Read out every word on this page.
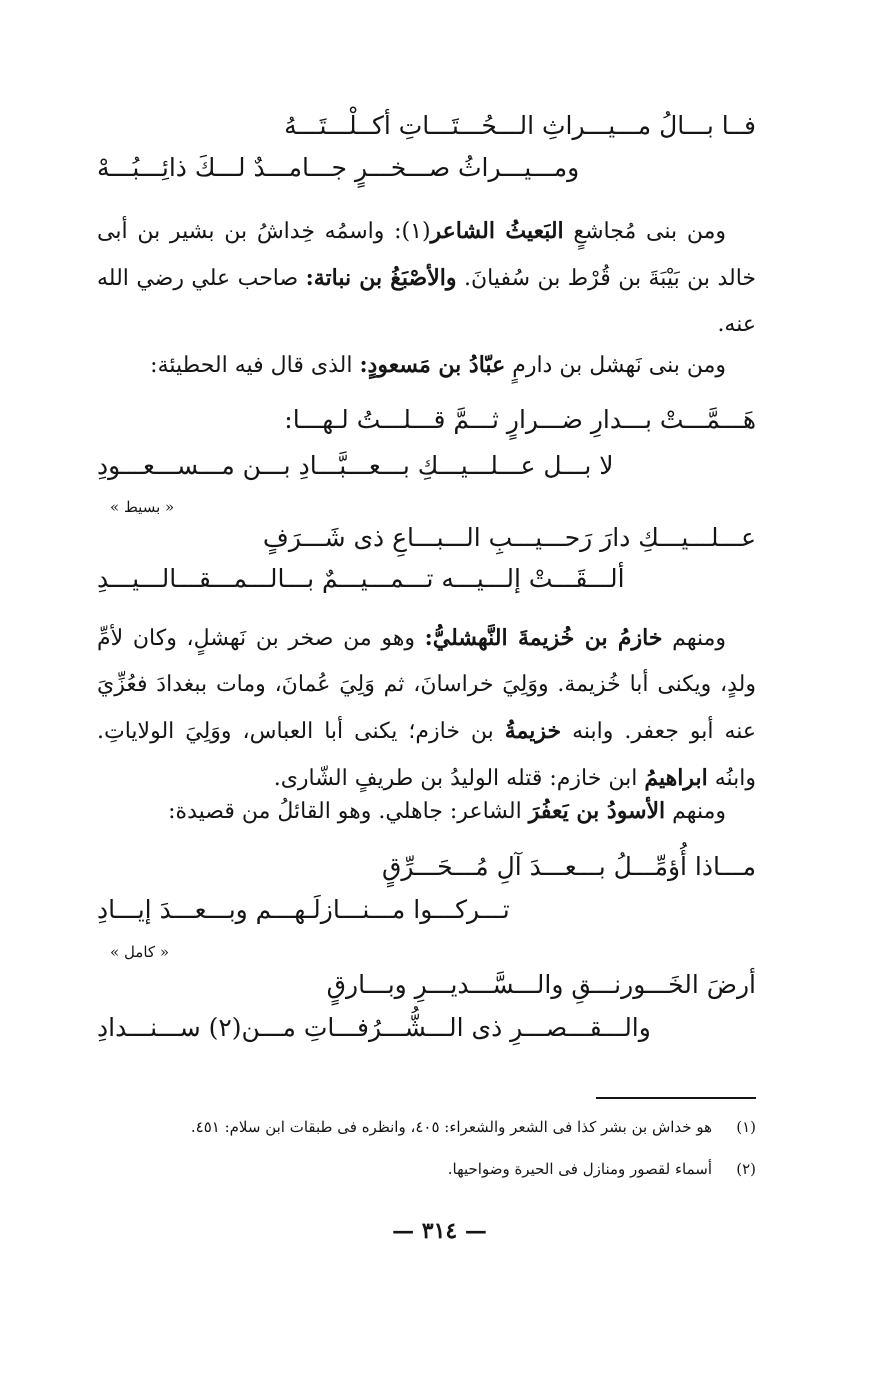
فــا بـــالُ مـــيـــراثِ الـــحُـــتَـــاتِ أكــلْـــتَـــهُ
ومـــيـــراثُ صـــخـــرٍ جـــامـــدٌ لـــكَ ذائِـــبُـــهْ
ومن بنى مُجاشعٍ البَعيثُ الشاعر(١): واسمُه خِداشُ بن بشير بن أبى خالد بن بَيْبَةَ بن قُرْط بن سُفيانَ. والأصْبَغُ بن نباتة: صاحب علي رضي الله عنه.
ومن بنى نَهشل بن دارمٍ عبّادُ بن مَسعودٍ: الذى قال فيه الحطيئة:
هَـــمَّـــتْ بـــدارِ ضـــرارٍ ثـــمَّ قـــلـــتُ لـهـــا:
لا بـــل عـــلـــيـــكِ بـــعـــبَّـــادِ بـــن مـــســـعـــودِ
« بسيط »
عـــلـــيـــكِ دارَ رَحـــيـــبِ الـــبـــاعِ ذى شَـــرَفٍ
ألـــقَـــتْ إلـــيـــه تـــمـــيـــمٌ بـــالـــمـــقـــالـــيـــدِ
ومنهم خازمُ بن خُزيمةَ النَّهشليُّ: وهو من صخر بن نَهشلٍ، وكان لأمِّ ولدٍ، ويكنى أبا خُزيمة. ووَلِيَ خراسانَ، ثم وَلِيَ عُمانَ، ومات ببغدادَ فعُزِّيَ عنه أبو جعفر. وابنه خزيمةُ بن خازم؛ يكنى أبا العباس، ووَلِيَ الولاياتِ. وابنُه ابراهيمُ ابن خازم: قتله الوليدُ بن طريفٍ الشّارى.
ومنهم الأسودُ بن يَعفُرَ الشاعر: جاهلي. وهو القائلُ من قصيدة:
مـــاذا أُؤمِّـــلُ بـــعـــدَ آلِ مُـــحَـــرِّقٍ
تـــركـــوا مـــنـــازلَـهـــم وبـــعـــدَ إيـــادِ
« كامل »
أرضَ الخَـــورنـــقِ والـــسَّـــديـــرِ وبـــارقٍ
والـــقـــصـــرِ ذى الـــشُّـــرُفـــاتِ مـــن(٢) ســـنـــدادِ
(١)هو خداش بن بشر كذا فى الشعر والشعراء: ٤٠٥، وانظره فى طبقات ابن سلام: ٤٥١.
(٢)أسماء لقصور ومنازل فى الحيرة وضواحيها.
— ٣١٤ —
